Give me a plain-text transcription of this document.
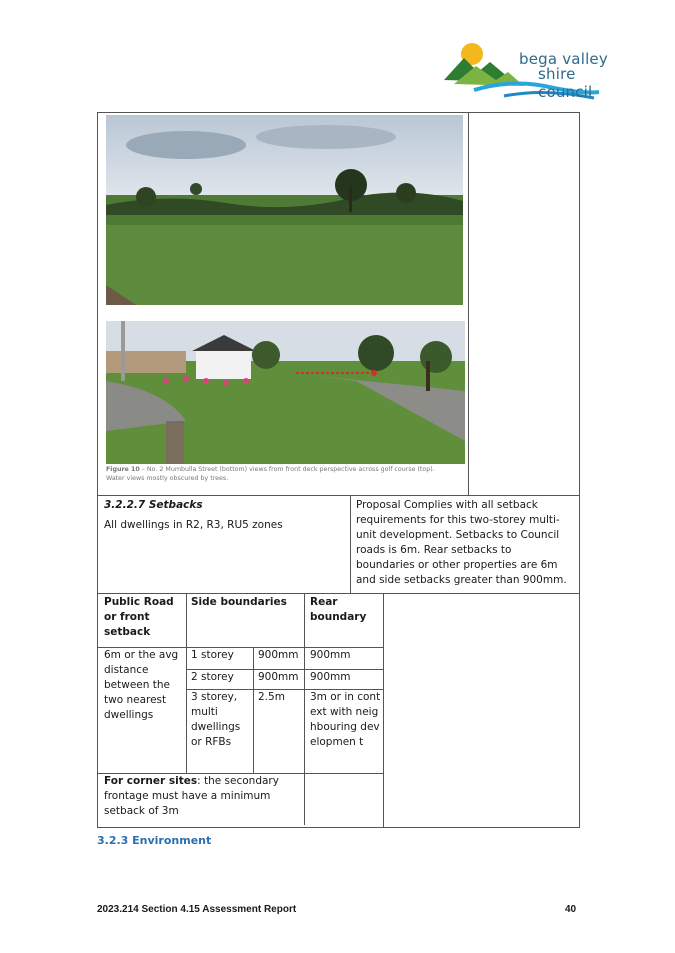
bega valley
shire council
Figure 10 – No. 2 Mumbulla Street (bottom) views from front deck perspective across golf course (top).
Water views mostly obscured by trees.
3.2.2.7 Setbacks
All dwellings in R2, R3, RU5 zones
Proposal Complies with all setback requirements for this two-storey multi-unit development. Setbacks to Council roads is 6m. Rear setbacks to boundaries or other properties are 6m and side setbacks greater than 900mm.
Public Road or front setback
Side boundaries Rear boundary
6m or the avg distance between the two nearest dwellings
1 storey 900mm 900mm
2 storey 900mm 900mm
3 storey, multi dwellings or RFBs
2.5m 3m or in context with neighbouring developmen t
For corner sites: the secondary frontage must have a minimum setback of 3m
3.2.3 Environment
2023.214 Section 4.15 Assessment Report	40
